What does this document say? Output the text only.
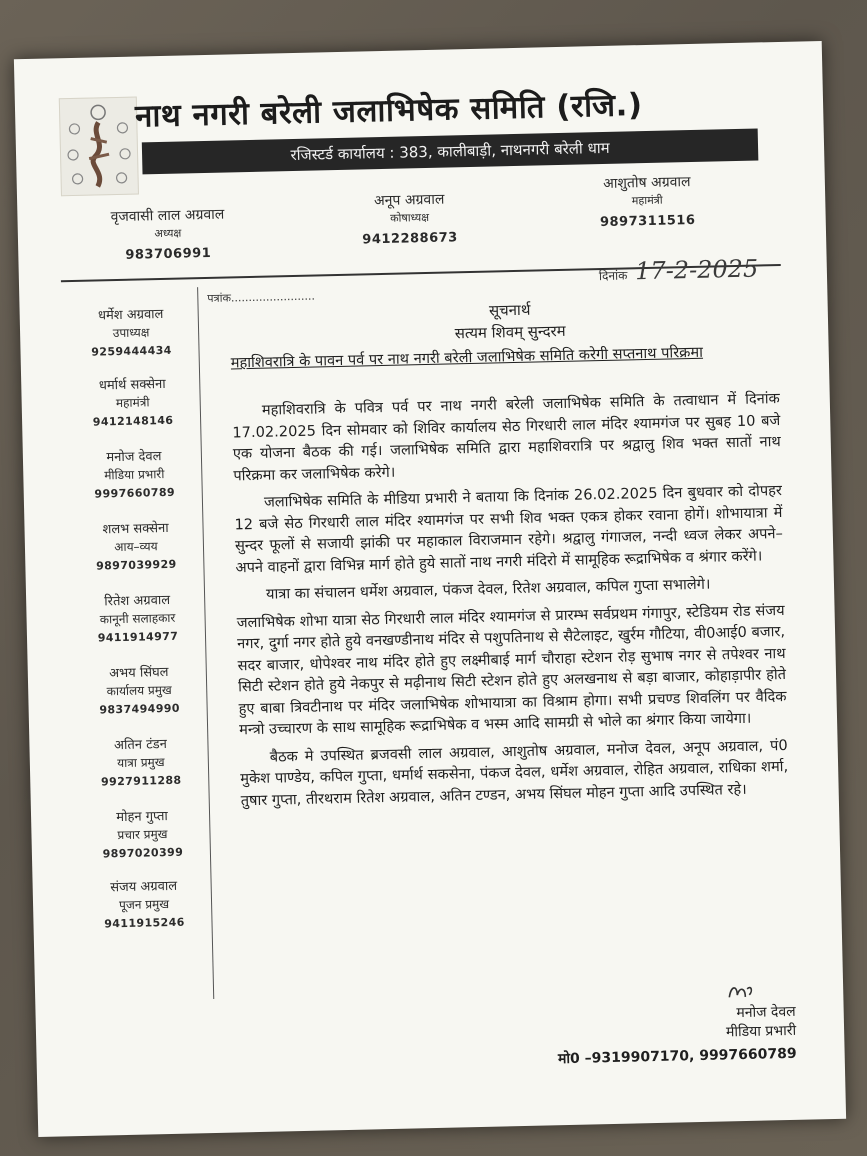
नाथ नगरी बरेली जलाभिषेक समिति (रजि.)
रजिस्टर्ड कार्यालय : 383, कालीबाड़ी, नाथनगरी बरेली धाम
वृजवासी लाल अग्रवाल
अध्यक्ष
983706991
अनूप अग्रवाल
कोषाध्यक्ष
9412288673
आशुतोष अग्रवाल
महामंत्री
9897311516
दिनांक 17-2-2025
पत्रांक........................
धर्मेश अग्रवाल
उपाध्यक्ष
9259444434
धर्मार्थ सक्सेना
महामंत्री
9412148146
मनोज देवल
मीडिया प्रभारी
9997660789
शलभ सक्सेना
आय–व्यय
9897039929
रितेश अग्रवाल
कानूनी सलाहकार
9411914977
अभय सिंघल
कार्यालय प्रमुख
9837494990
अतिन टंडन
यात्रा प्रमुख
9927911288
मोहन गुप्ता
प्रचार प्रमुख
9897020399
संजय अग्रवाल
पूजन प्रमुख
9411915246
सूचनार्थ
सत्यम शिवम् सुन्दरम
महाशिवरात्रि के पावन पर्व पर नाथ नगरी बरेली जलाभिषेक समिति करेगी सप्तनाथ परिक्रमा

महाशिवरात्रि के पवित्र पर्व पर नाथ नगरी बरेली जलाभिषेक समिति के तत्वाधान में दिनांक 17.02.2025 दिन सोमवार को शिविर कार्यालय सेठ गिरधारी लाल मंदिर श्यामगंज पर सुबह 10 बजे एक योजना बैठक की गई। जलाभिषेक समिति द्वारा महाशिवरात्रि पर श्रद्वालु शिव भक्त सातों नाथ परिक्रमा कर जलाभिषेक करेगे।

जलाभिषेक समिति के मीडिया प्रभारी ने बताया कि दिनांक 26.02.2025 दिन बुधवार को दोपहर 12 बजे सेठ गिरधारी लाल मंदिर श्यामगंज पर सभी शिव भक्त एकत्र होकर रवाना होगें। शोभायात्रा में सुन्दर फूलों से सजायी झांकी पर महाकाल विराजमान रहेगे। श्रद्वालु गंगाजल, नन्दी ध्वज लेकर अपने–अपने वाहनों द्वारा विभिन्न मार्ग होते हुये सातों नाथ नगरी मंदिरो में सामूहिक रूद्राभिषेक व श्रंगार करेंगे।

यात्रा का संचालन धर्मेश अग्रवाल, पंकज देवल, रितेश अग्रवाल, कपिल गुप्ता सभालेगे।

जलाभिषेक शोभा यात्रा सेठ गिरधारी लाल मंदिर श्यामगंज से प्रारम्भ सर्वप्रथम गंगापुर, स्टेडियम रोड संजय नगर, दुर्गा नगर होते हुये वनखण्डीनाथ मंदिर से पशुपतिनाथ से सैटेलाइट, खुर्रम गौटिया, वी0आई0 बजार, सदर बाजार, धोपेश्वर नाथ मंदिर होते हुए लक्ष्मीबाई मार्ग चौराहा स्टेशन रोड़ सुभाष नगर से तपेश्वर नाथ सिटी स्टेशन होते हुये नेकपुर से मढ़ीनाथ सिटी स्टेशन होते हुए अलखनाथ से बड़ा बाजार, कोहाड़ापीर होते हुए बाबा त्रिवटीनाथ पर मंदिर जलाभिषेक शोभायात्रा का विश्राम होगा। सभी प्रचण्ड शिवलिंग पर वैदिक मन्त्रो उच्चारण के साथ सामूहिक रूद्राभिषेक व भस्म आदि सामग्री से भोले का श्रंगार किया जायेगा।

बैठक मे उपस्थित ब्रजवसी लाल अग्रवाल, आशुतोष अग्रवाल, मनोज देवल, अनूप अग्रवाल, पं0 मुकेश पाण्डेय, कपिल गुप्ता, धर्मार्थ सकसेना, पंकज देवल, धर्मेश अग्रवाल, रोहित अग्रवाल, राधिका शर्मा, तुषार गुप्ता, तीरथराम रितेश अग्रवाल, अतिन टण्डन, अभय सिंघल मोहन गुप्ता आदि उपस्थित रहे।

मनोज देवल
मीडिया प्रभारी
मो0 –9319907170, 9997660789
